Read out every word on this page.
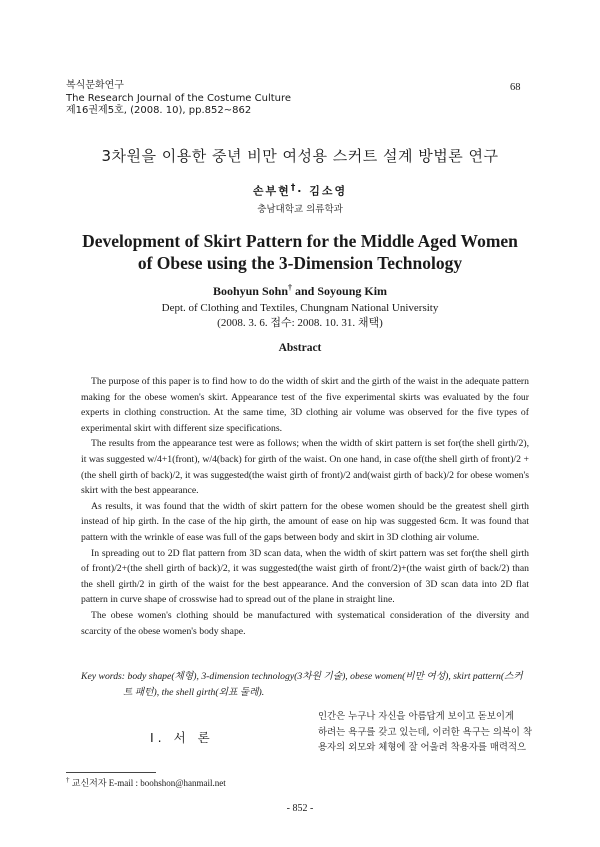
복식문화연구
The Research Journal of the Costume Culture
제16권제5호, (2008. 10), pp.852~862
68
3차원을 이용한 중년 비만 여성용 스커트 설계 방법론 연구
손부현†· 김소영
충남대학교 의류학과
Development of Skirt Pattern for the Middle Aged Women
of Obese using the 3-Dimension Technology
Boohyun Sohn† and Soyoung Kim
Dept. of Clothing and Textiles, Chungnam National University
(2008. 3. 6. 접수: 2008. 10. 31. 채택)
Abstract

The purpose of this paper is to find how to do the width of skirt and the girth of the waist in the adequate pattern making for the obese women's skirt. Appearance test of the five experimental skirts was evaluated by the four experts in clothing construction. At the same time, 3D clothing air volume was observed for the five types of experimental skirt with different size specifications.

The results from the appearance test were as follows; when the width of skirt pattern is set for(the shell girth/2), it was suggested w/4+1(front), w/4(back) for girth of the waist. On one hand, in case of(the shell girth of front)/2 +(the shell girth of back)/2, it was suggested(the waist girth of front)/2 and(waist girth of back)/2 for obese women's skirt with the best appearance.

As results, it was found that the width of skirt pattern for the obese women should be the greatest shell girth instead of hip girth. In the case of the hip girth, the amount of ease on hip was suggested 6cm. It was found that pattern with the wrinkle of ease was full of the gaps between body and skirt in 3D clothing air volume.

In spreading out to 2D flat pattern from 3D scan data, when the width of skirt pattern was set for(the shell girth of front)/2+(the shell girth of back)/2, it was suggested(the waist girth of front/2)+(the waist girth of back/2) than the shell girth/2 in girth of the waist for the best appearance. And the conversion of 3D scan data into 2D flat pattern in curve shape of crosswise had to spread out of the plane in straight line.

The obese women's clothing should be manufactured with systematical consideration of the diversity and scarcity of the obese women's body shape.

Key words: body shape(체형), 3-dimension technology(3차원 기술), obese women(비만 여성), skirt pattern(스커
트 패턴), the shell girth(외표 둘레).
Ⅰ. 서 론
인간은 누구나 자신을 아름답게 보이고 돋보이게
하려는 욕구를 갖고 있는데, 이러한 욕구는 의복이 착
용자의 외모와 체형에 잘 어울려 착용자를 매력적으
† 교신저자 E-mail : boohshon@hanmail.net
- 852 -
